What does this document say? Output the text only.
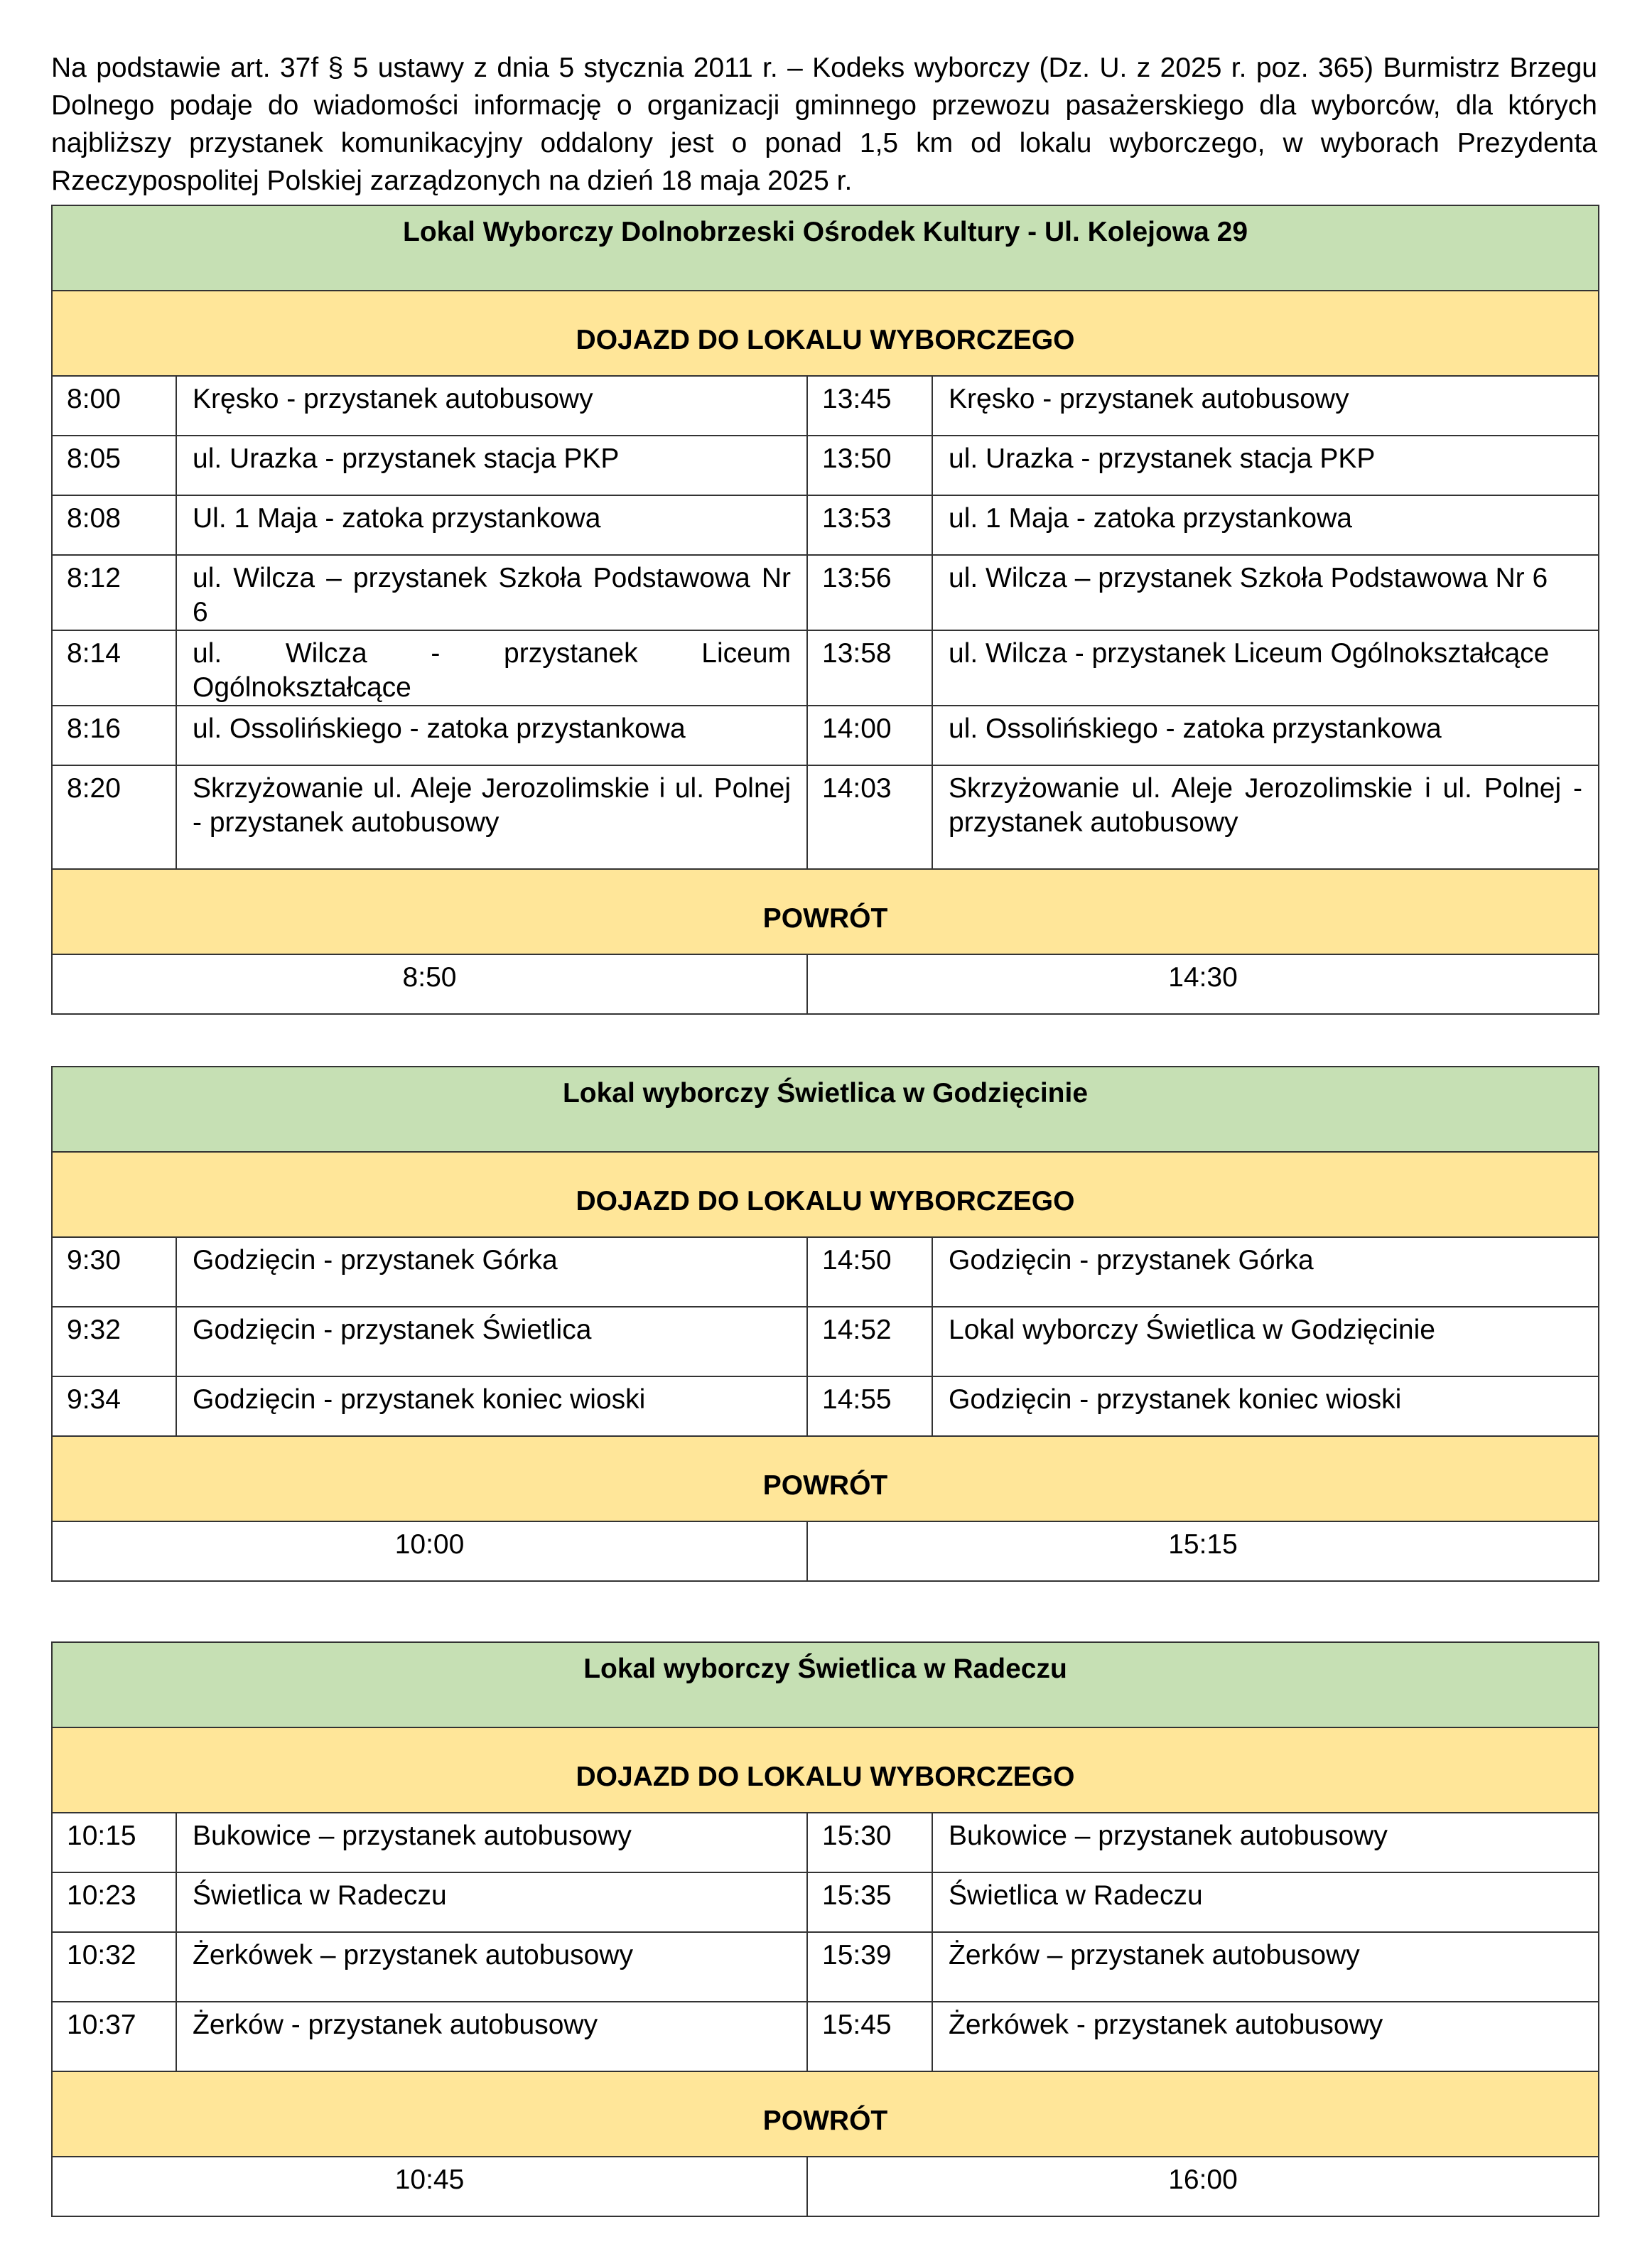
Na podstawie art. 37f § 5 ustawy z dnia 5 stycznia 2011 r. – Kodeks wyborczy (Dz. U. z 2025 r. poz. 365) Burmistrz Brzegu Dolnego podaje do wiadomości informację o organizacji gminnego przewozu pasażerskiego dla wyborców, dla których najbliższy przystanek komunikacyjny oddalony jest o ponad 1,5 km od lokalu wyborczego, w wyborach Prezydenta Rzeczypospolitej Polskiej zarządzonych na dzień 18 maja 2025 r.

Lokal Wyborczy Dolnobrzeski Ośrodek Kultury - Ul. Kolejowa 29			

DOJAZD DO LOKALU WYBORCZEGO			

8:00	Kręsko - przystanek autobusowy	13:45	Kręsko - przystanek autobusowy

8:05	ul. Urazka - przystanek stacja PKP	13:50	ul. Urazka - przystanek stacja PKP

8:08	Ul. 1 Maja - zatoka przystankowa	13:53	ul. 1 Maja - zatoka przystankowa

8:12	ul. Wilcza – przystanek Szkoła Podstawowa Nr 6	13:56	ul. Wilcza – przystanek Szkoła Podstawowa Nr 6

8:14	ul. Wilcza - przystanek Liceum Ogólnokształcące	13:58	ul. Wilcza - przystanek Liceum Ogólnokształcące

8:16	ul. Ossolińskiego - zatoka przystankowa	14:00	ul. Ossolińskiego - zatoka przystankowa

8:20	Skrzyżowanie ul. Aleje Jerozolimskie i ul. Polnej - przystanek autobusowy	14:03	Skrzyżowanie ul. Aleje Jerozolimskie i ul. Polnej - przystanek autobusowy

POWRÓT			

8:50		14:30	
Lokal wyborczy Świetlica w Godzięcinie			

DOJAZD DO LOKALU WYBORCZEGO			

9:30	Godzięcin - przystanek Górka	14:50	Godzięcin - przystanek Górka

9:32	Godzięcin - przystanek Świetlica	14:52	Lokal wyborczy Świetlica w Godzięcinie

9:34	Godzięcin - przystanek koniec wioski	14:55	Godzięcin - przystanek koniec wioski

POWRÓT			

10:00		15:15	
Lokal wyborczy Świetlica w Radeczu			

DOJAZD DO LOKALU WYBORCZEGO			

10:15	Bukowice – przystanek autobusowy	15:30	Bukowice – przystanek autobusowy

10:23	Świetlica w Radeczu	15:35	Świetlica w Radeczu

10:32	Żerkówek – przystanek autobusowy	15:39	Żerków – przystanek autobusowy

10:37	Żerków - przystanek autobusowy	15:45	Żerkówek - przystanek autobusowy

POWRÓT			

10:45		16:00	
